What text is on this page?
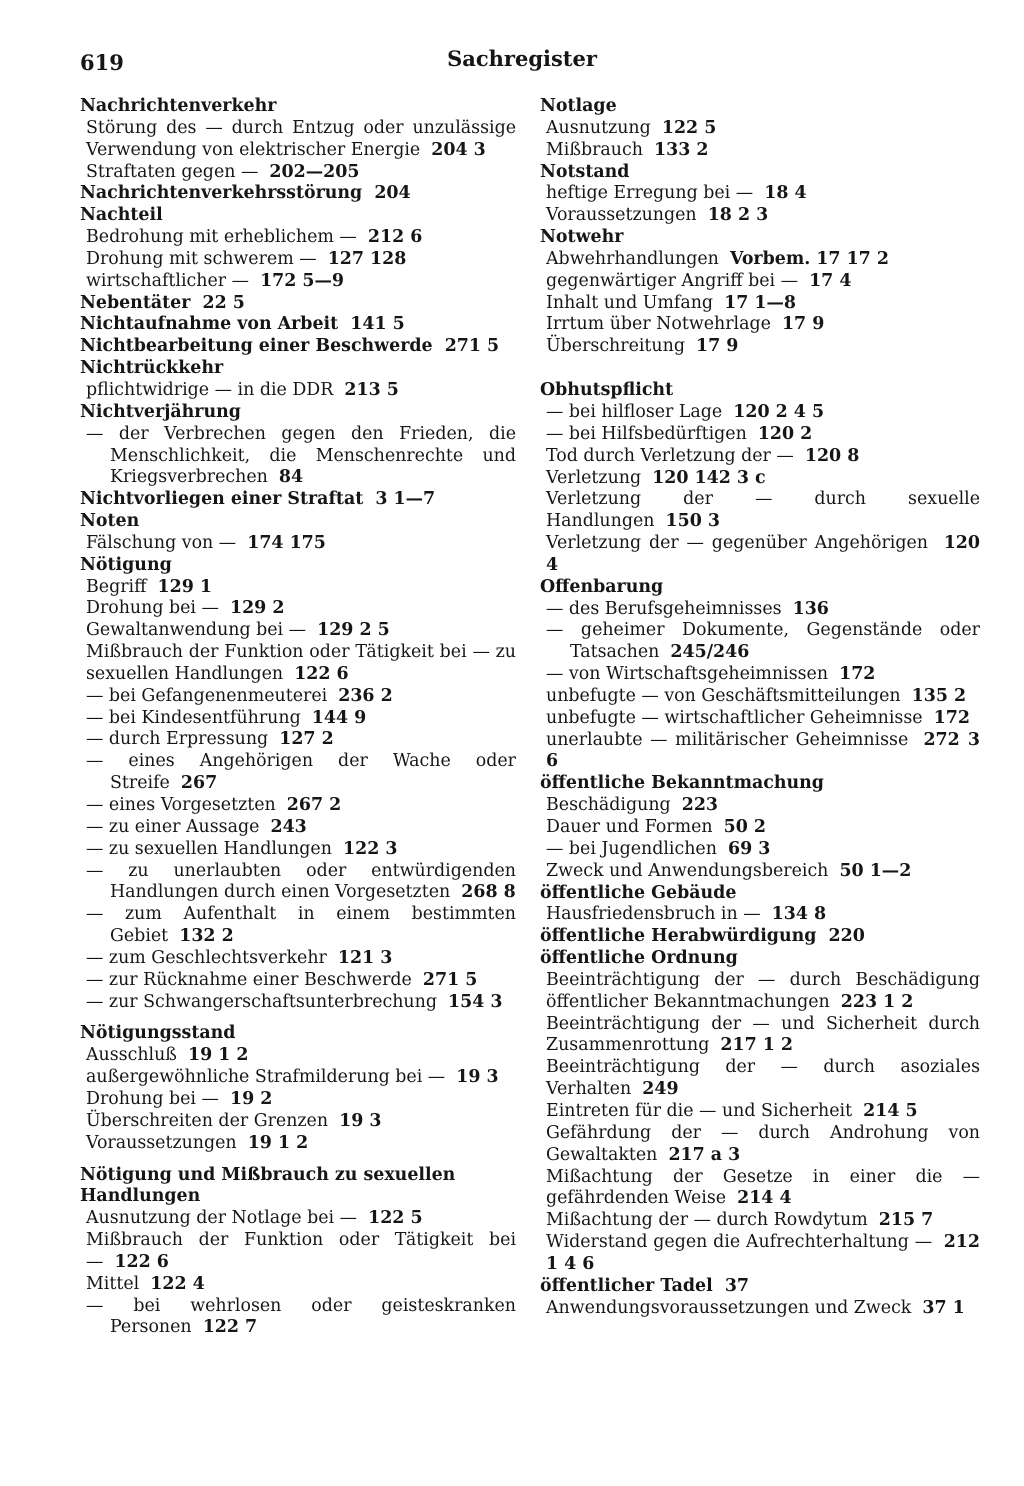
619	Sachregister

Nachrichtenverkehr

Störung des — durch Entzug oder unzulässige Verwendung von elektrischer Energie 204 3

Straftaten gegen — 202—205

Nachrichtenverkehrsstörung 204

Nachteil

Bedrohung mit erheblichem — 212 6

Drohung mit schwerem — 127 128

wirtschaftlicher — 172 5—9

Nebentäter 22 5

Nichtaufnahme von Arbeit 141 5

Nichtbearbeitung einer Beschwerde 271 5

Nichtrückkehr

pflichtwidrige — in die DDR 213 5

Nichtverjährung

— der Verbrechen gegen den Frieden, die Menschlichkeit, die Menschenrechte und Kriegsverbrechen 84

Nichtvorliegen einer Straftat 3 1—7

Noten

Fälschung von — 174 175

Nötigung

Begriff 129 1

Drohung bei — 129 2

Gewaltanwendung bei — 129 2 5

Mißbrauch der Funktion oder Tätigkeit bei — zu sexuellen Handlungen 122 6

— bei Gefangenenmeuterei 236 2

— bei Kindesentführung 144 9

— durch Erpressung 127 2

— eines Angehörigen der Wache oder Streife 267

— eines Vorgesetzten 267 2

— zu einer Aussage 243

— zu sexuellen Handlungen 122 3

— zu unerlaubten oder entwürdigenden Handlungen durch einen Vorgesetzten 268 8

— zum Aufenthalt in einem bestimmten Gebiet 132 2

— zum Geschlechtsverkehr 121 3

— zur Rücknahme einer Beschwerde 271 5

— zur Schwangerschaftsunterbrechung 154 3

Nötigungsstand

Ausschluß 19 1 2

außergewöhnliche Strafmilderung bei — 19 3

Drohung bei — 19 2

Überschreiten der Grenzen 19 3

Voraussetzungen 19 1 2

Nötigung und Mißbrauch zu sexuellen Handlungen

Ausnutzung der Notlage bei — 122 5

Mißbrauch der Funktion oder Tätigkeit bei — 122 6

Mittel 122 4

— bei wehrlosen oder geisteskranken Personen 122 7

Notlage

Ausnutzung 122 5

Mißbrauch 133 2

Notstand

heftige Erregung bei — 18 4

Voraussetzungen 18 2 3

Notwehr

Abwehrhandlungen Vorbem. 17 17 2

gegenwärtiger Angriff bei — 17 4

Inhalt und Umfang 17 1—8

Irrtum über Notwehrlage 17 9

Überschreitung 17 9

Obhutspflicht

— bei hilfloser Lage 120 2 4 5

— bei Hilfsbedürftigen 120 2

Tod durch Verletzung der — 120 8

Verletzung 120 142 3 c

Verletzung der — durch sexuelle Handlungen 150 3

Verletzung der — gegenüber Angehörigen 120 4

Offenbarung

— des Berufsgeheimnisses 136

— geheimer Dokumente, Gegenstände oder Tatsachen 245/246

— von Wirtschaftsgeheimnissen 172

unbefugte — von Geschäftsmitteilungen 135 2

unbefugte — wirtschaftlicher Geheimnisse 172

unerlaubte — militärischer Geheimnisse 272 3 6

öffentliche Bekanntmachung

Beschädigung 223

Dauer und Formen 50 2

— bei Jugendlichen 69 3

Zweck und Anwendungsbereich 50 1—2

öffentliche Gebäude

Hausfriedensbruch in — 134 8

öffentliche Herabwürdigung 220

öffentliche Ordnung

Beeinträchtigung der — durch Beschädigung öffentlicher Bekanntmachungen 223 1 2

Beeinträchtigung der — und Sicherheit durch Zusammenrottung 217 1 2

Beeinträchtigung der — durch asoziales Verhalten 249

Eintreten für die — und Sicherheit 214 5

Gefährdung der — durch Androhung von Gewaltakten 217 a 3

Mißachtung der Gesetze in einer die — gefährdenden Weise 214 4

Mißachtung der — durch Rowdytum 215 7

Widerstand gegen die Aufrechterhaltung — 212 1 4 6

öffentlicher Tadel 37

Anwendungsvoraussetzungen und Zweck 37 1
